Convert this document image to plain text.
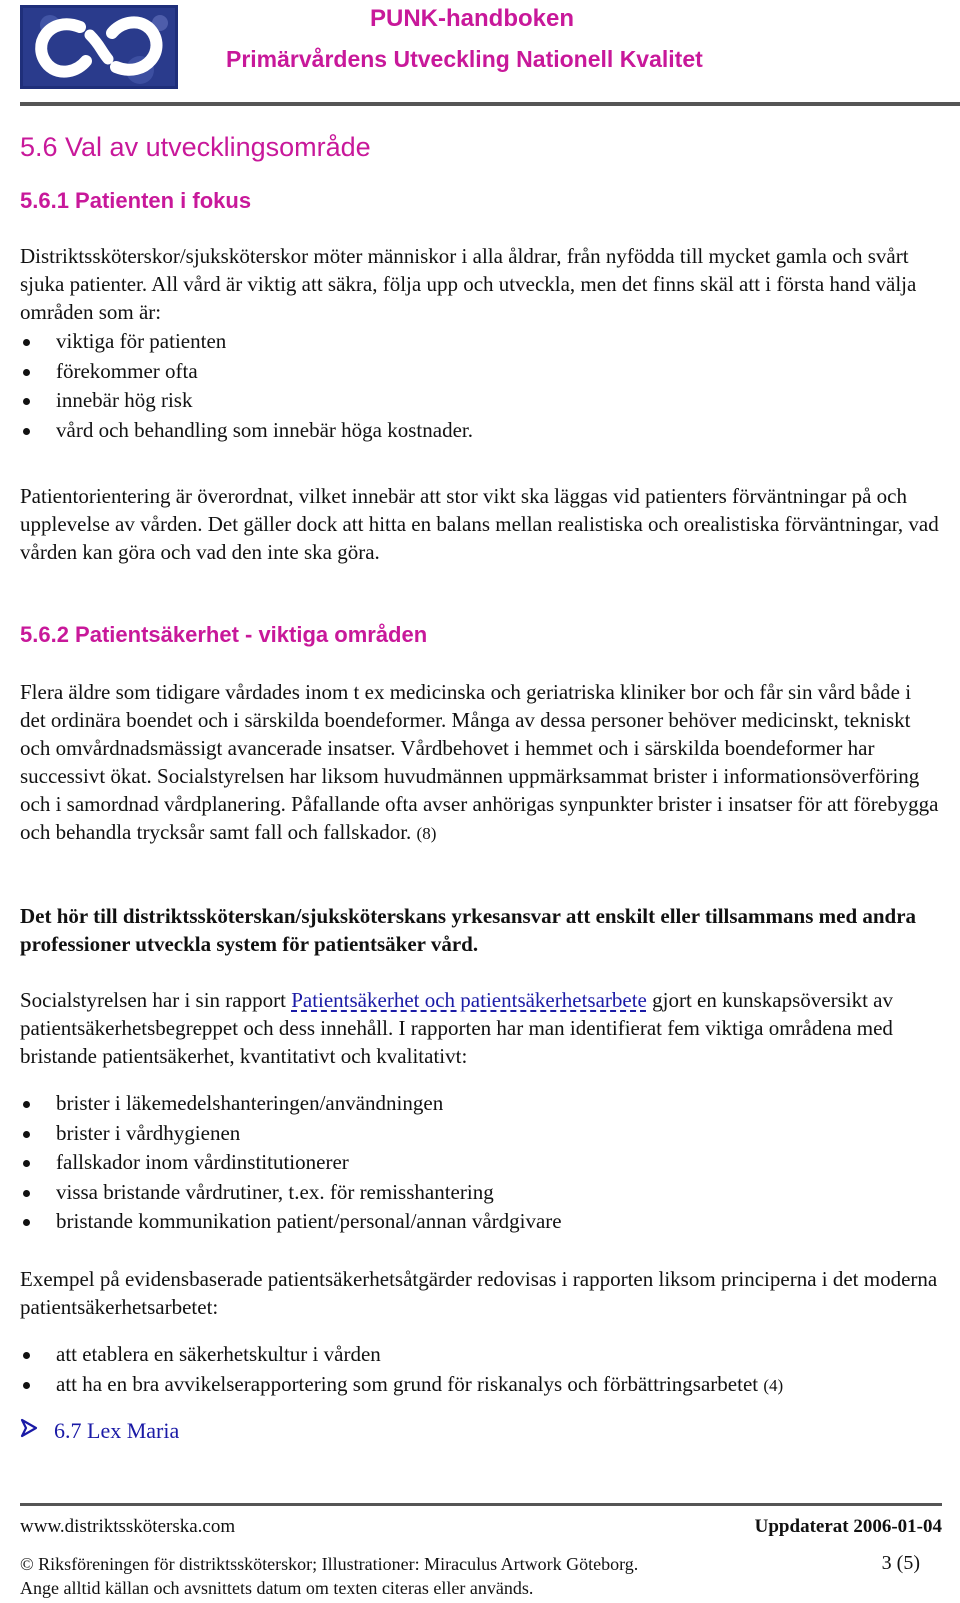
PUNK-handboken
Primärvårdens Utveckling Nationell Kvalitet
5.6 Val av utvecklingsområde
5.6.1 Patienten i fokus

Distriktssköterskor/sjuksköterskor möter människor i alla åldrar, från nyfödda till mycket gamla och svårt sjuka patienter. All vård är viktig att säkra, följa upp och utveckla, men det finns skäl att i första hand välja områden som är:

viktiga för patienten
förekommer ofta
innebär hög risk
vård och behandling som innebär höga kostnader.

Patientorientering är överordnat, vilket innebär att stor vikt ska läggas vid patienters förväntningar på och upplevelse av vården. Det gäller dock att hitta en balans mellan realistiska och orealistiska förväntningar, vad vården kan göra och vad den inte ska göra.

5.6.2 Patientsäkerhet - viktiga områden

Flera äldre som tidigare vårdades inom t ex medicinska och geriatriska kliniker bor och får sin vård både i det ordinära boendet och i särskilda boendeformer. Många av dessa personer behöver medicinskt, tekniskt och omvårdnadsmässigt avancerade insatser. Vårdbehovet i hemmet och i särskilda boendeformer har successivt ökat. Socialstyrelsen har liksom huvudmännen uppmärksammat brister i informationsöverföring och i samordnad vårdplanering. Påfallande ofta avser anhörigas synpunkter brister i insatser för att förebygga och behandla trycksår samt fall och fallskador. (8)

Det hör till distriktssköterskan/sjuksköterskans yrkesansvar att enskilt eller tillsammans med andra professioner utveckla system för patientsäker vård.

Socialstyrelsen har i sin rapport Patientsäkerhet och patientsäkerhetsarbete gjort en kunskapsöversikt av patientsäkerhetsbegreppet och dess innehåll. I rapporten har man identifierat fem viktiga områdena med bristande patientsäkerhet, kvantitativt och kvalitativt:

brister i läkemedelshanteringen/användningen
brister i vårdhygienen
fallskador inom vårdinstitutionerer
vissa bristande vårdrutiner, t.ex. för remisshantering
bristande kommunikation patient/personal/annan vårdgivare

Exempel på evidensbaserade patientsäkerhetsåtgärder redovisas i rapporten liksom principerna i det moderna patientsäkerhetsarbetet:

att etablera en säkerhetskultur i vården
att ha en bra avvikelserapportering som grund för riskanalys och förbättringsarbetet (4)
6.7 Lex Maria
www.distriktssköterska.com	Uppdaterat 2006-01-04
© Riksföreningen för distriktssköterskor; Illustrationer: Miraculus Artwork Göteborg.	3 (5)
Ange alltid källan och avsnittets datum om texten citeras eller används.
